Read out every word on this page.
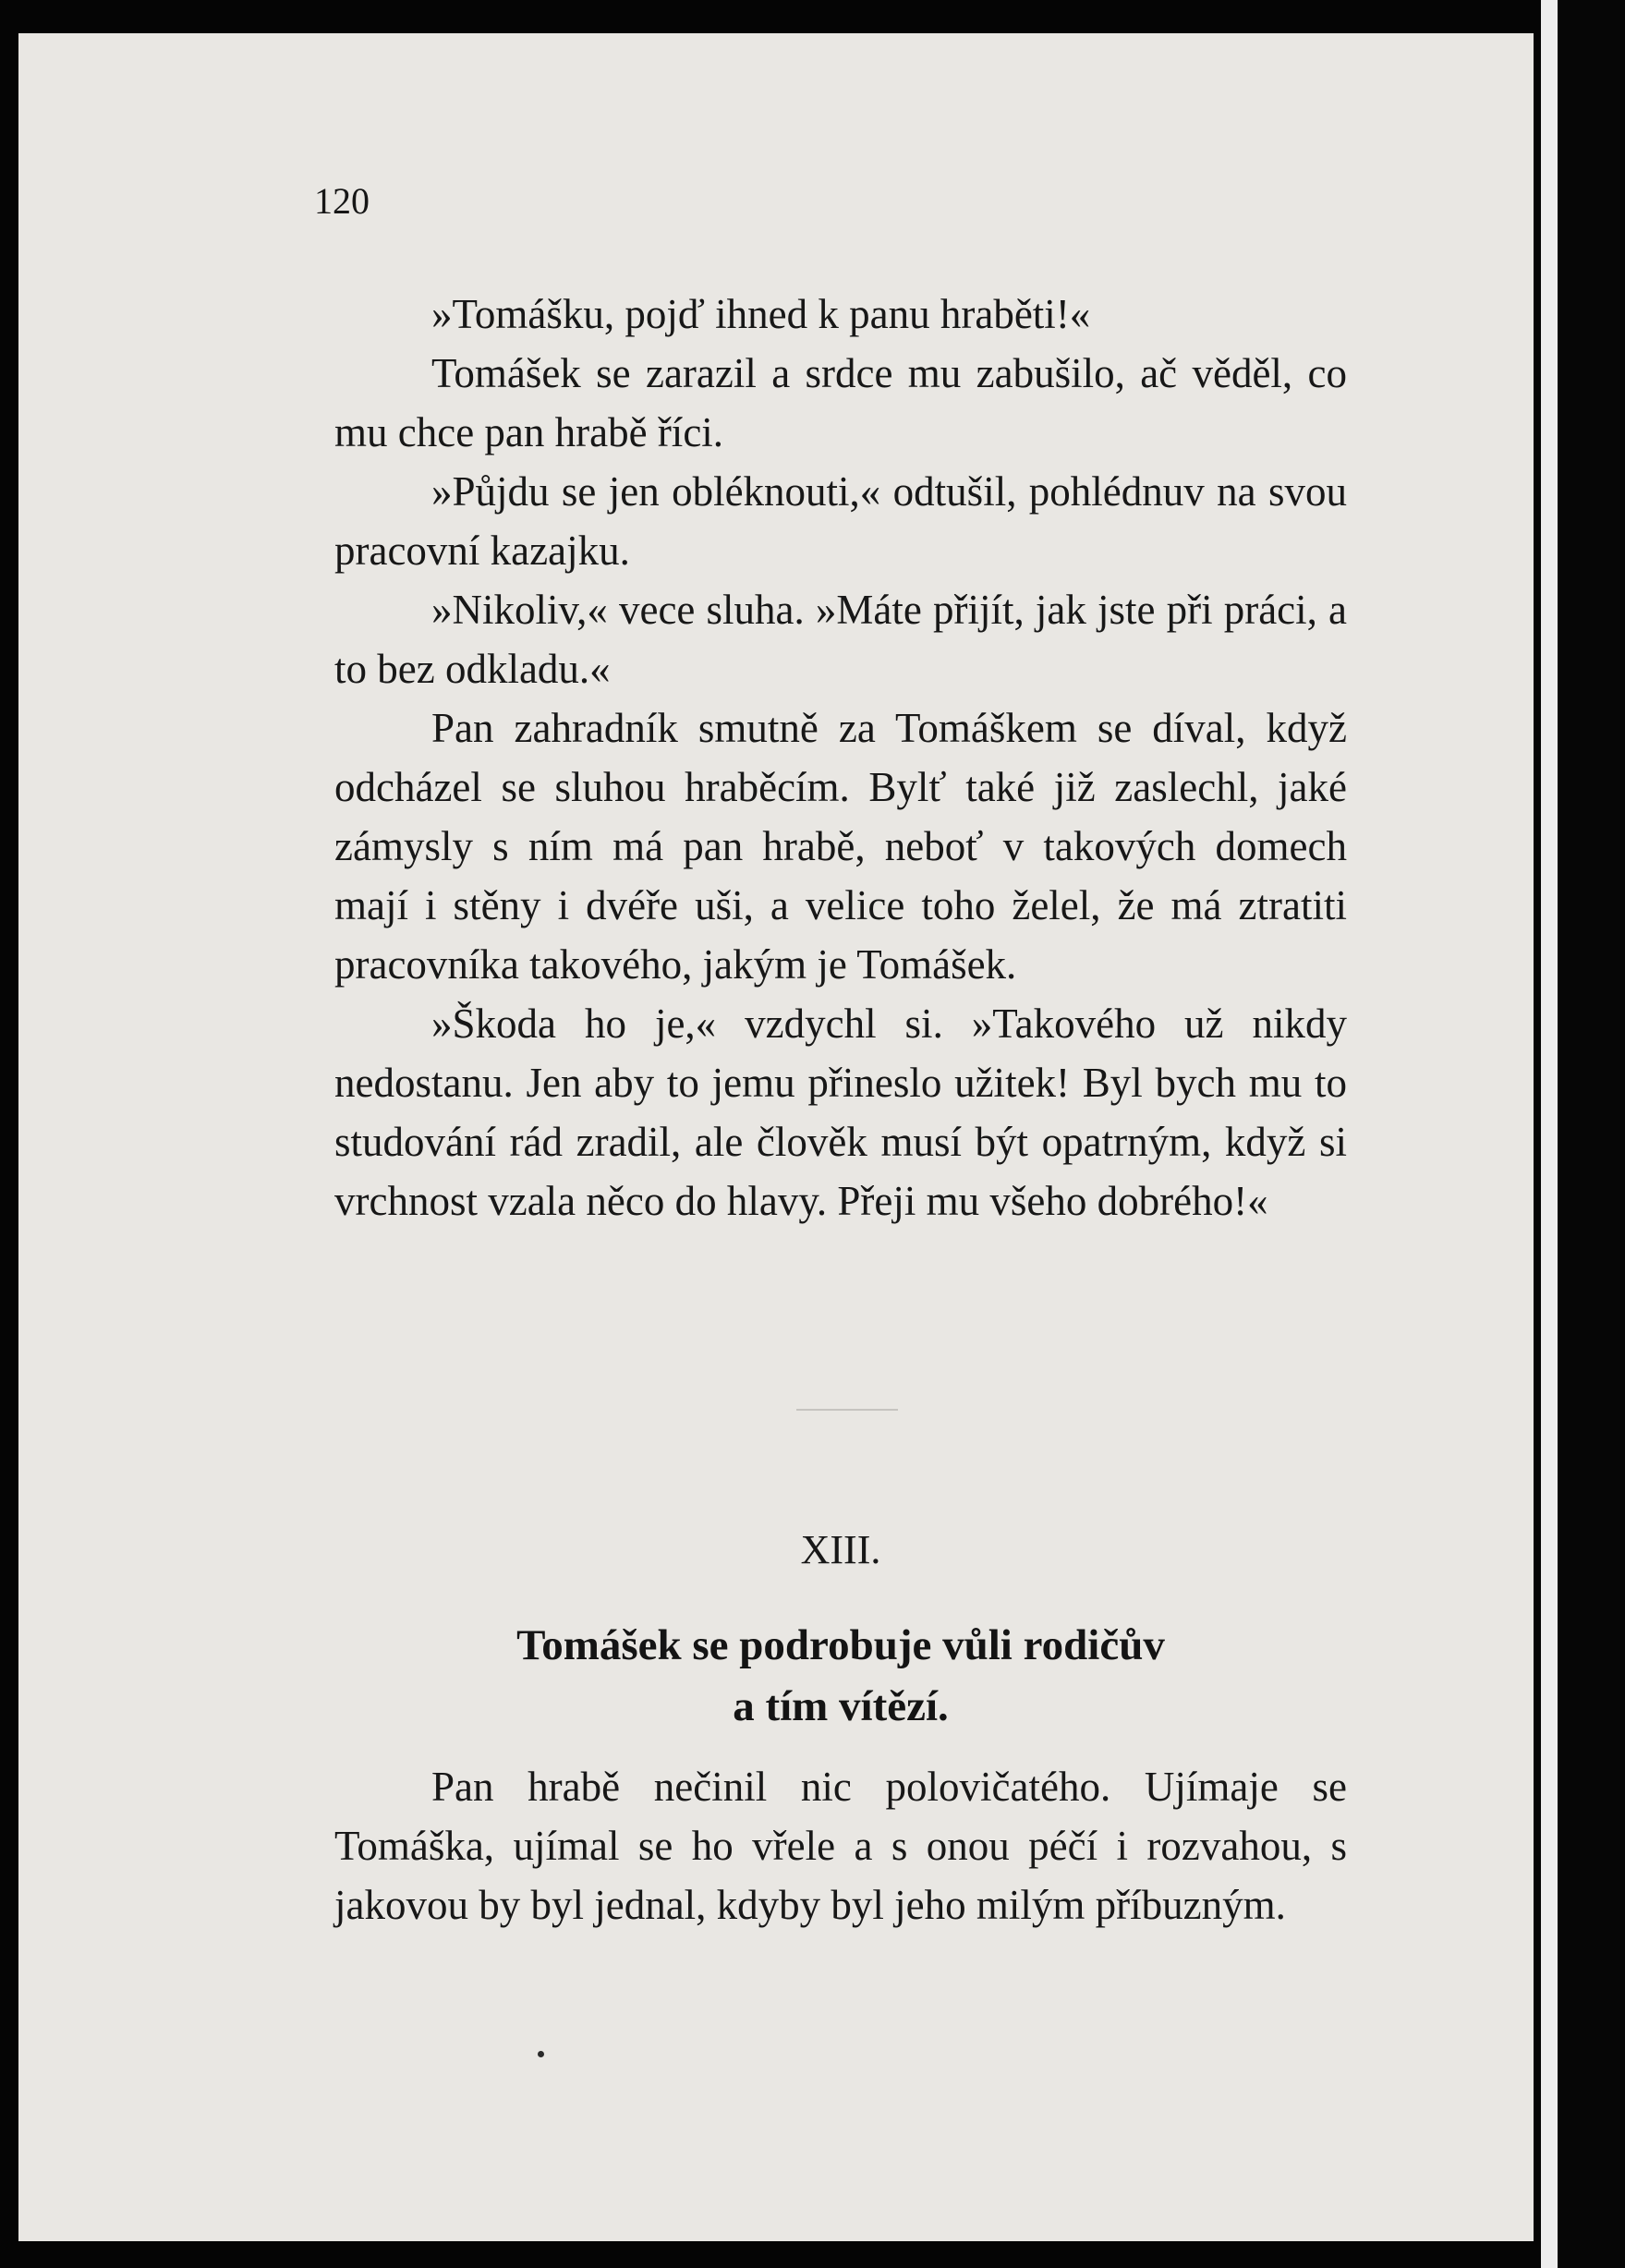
120

»Tomášku, pojď ihned k panu hraběti!«

Tomášek se zarazil a srdce mu zabušilo, ač věděl, co mu chce pan hrabě říci.

»Půjdu se jen obléknouti,« odtušil, pohlédnuv na svou pracovní kazajku.

»Nikoliv,« vece sluha. »Máte přijít, jak jste při práci, a to bez odkladu.«

Pan zahradník smutně za Tomáškem se díval, když odcházel se sluhou hraběcím. Bylť také již zaslechl, jaké zámysly s ním má pan hrabě, neboť v takových domech mají i stěny i dvéře uši, a velice toho želel, že má ztratiti pracovníka takového, jakým je Tomášek.

»Škoda ho je,« vzdychl si. »Takového už nikdy nedostanu. Jen aby to jemu přineslo užitek! Byl bych mu to studování rád zradil, ale člověk musí být opatrným, když si vrchnost vzala něco do hlavy. Přeji mu všeho dobrého!«

XIII.
Tomášek se podrobuje vůli rodičův
a tím vítězí.

Pan hrabě nečinil nic polovičatého. Ujímaje se Tomáška, ujímal se ho vřele a s onou péčí i rozvahou, s jakovou by byl jednal, kdyby byl jeho milým příbuzným.
